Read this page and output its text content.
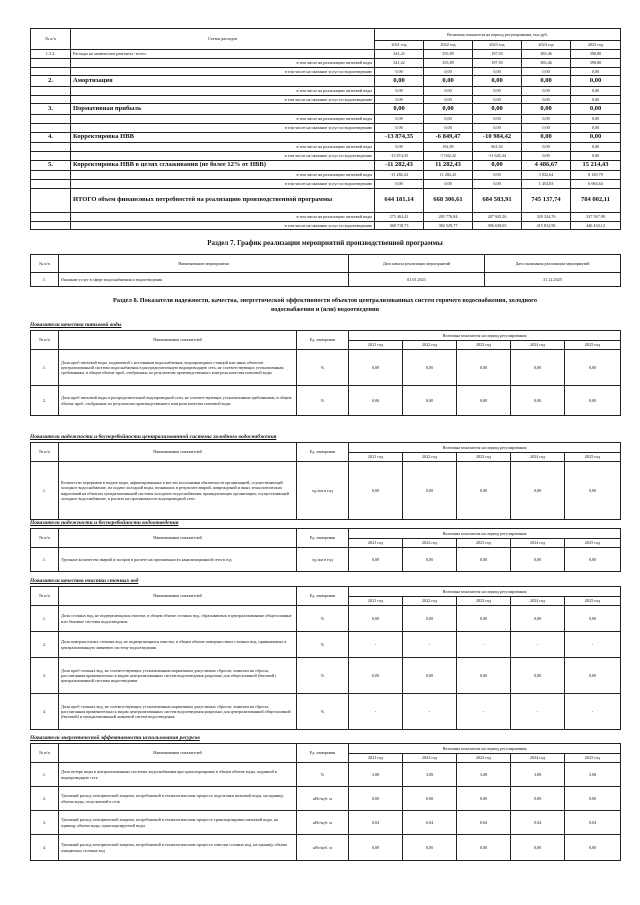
№ п/п	Статьи расходов	Величина показателя на период регулирования, тыс.руб.				
		2021 год	2022 год	2023 год	2024 год	2025 год
1.3.2.	Расходы на химические реагенты - всего:	341,22	355,89	197,93	383,46	398,80
	в том числе на реализацию питьевой воды	341,22	355,89	197,93	383,46	398,80
	в том числе на оказание услуг по водоотведению	0,00	0,00	0,00	0,00	0,00
2.	Амортизация	0,00	0,00	0,00	0,00	0,00
	в том числе на реализацию питьевой воды	0,00	0,00	0,00	0,00	0,00
	в том числе на оказание услуг по водоотведению	0,00	0,00	0,00	0,00	0,00
3.	Нормативная прибыль	0,00	0,00	0,00	0,00	0,00
	в том числе на реализацию питьевой воды	0,00	0,00	0,00	0,00	0,00
	в том числе на оказание услуг по водоотведению	0,00	0,00	0,00	0,00	0,00
4.	Корректировка НВВ	-13 874,35	-6 849,47	-10 984,42	0,00	0,00
	в том числе на реализацию питьевой воды	0,00	192,85	661,02	0,00	0,00
	в том числе на оказание услуг по водоотведению	-13 874,35	-7 042,32	-11 645,44	0,00	0,00
5.	Корректировка НВВ в целях сглаживания (не более 12% от НВВ)	-11 282,43	11 282,43	0,00	4 486,67	15 214,43
	в том числе на реализацию питьевой воды	-11 282,43	11 282,43	0,00	3 032,64	8 149,79
	в том числе на оказание услуг по водоотведению	0,00	0,00	0,00	1 454,03	6 064,64
	ИТОГО объем финансовых потребностей на реализацию производственной программы	644 181,14	668 306,61	684 583,91	745 137,74	784 002,11
	в том числе на реализацию питьевой воды	275 462,41	285 776,84	287 945,26	329 324,76	337 567,99
	в том числе на оказание услуг по водоотведению	368 718,73	382 529,77	396 638,65	415 812,98	446 434,12
Раздел 7. График реализации мероприятий производственной программы
№ п/п	Наименование мероприятия	Дата начала реализации мероприятий	Дата окончания реализации мероприятий
1.	Оказание услуг в сфере водоснабжения и водоотведения	01.01.2021	31.12.2025
Раздел 8. Показатели надежности, качества, энергетической эффективности объектов централизованных систем горячего водоснабжения, холодного
водоснабжения и (или) водоотведения
Показатели качества питьевой воды
№ п/п	Наименование показателей	Ед. измерения	Величина показателя на период регулирования				
			2021 год	2022 год	2023 год	2024 год	2025 год
1.	Доля проб питьевой воды, подаваемой с источников водоснабжения, водопроводных станций или иных объектов централизованной системы водоснабжения в распределительную водопроводную сеть, не соответствующих установленным требованиям, в общем объеме проб, отобранных по результатам производственного контроля качества питьевой воды	%	0,00	0,00	0,00	0,00	0,00
2.	Доля проб питьевой воды в распределительной водопроводной сети, не соответствующих установленным требованиям, в общем объеме проб, отобранных по результатам производственного контроля качества питьевой воды	%	0,00	0,00	0,00	0,00	0,00
Показатели надежности и бесперебойности централизованной системы холодного водоснабжения
№ п/п	Наименование показателей	Ед. измерения	Величина показателя на период регулирования				
			2021 год	2022 год	2023 год	2024 год	2025 год
1.	Количество перерывов в подаче воды, зафиксированных в местах исполнения обязательств организацией, осуществляющей холодное водоснабжение, по подаче холодной воды, возникших в результате аварий, повреждений и иных технологических нарушений на объектах централизованной системы холодного водоснабжения, принадлежащих организации, осуществляющей холодное водоснабжение, в расчете на протяженность водопроводной сети	ед./км в год	0,00	0,00	0,00	0,00	0,00
Показатели надежности и бесперебойности водоотведения
№ п/п	Наименование показателей	Ед. измерения	Величина показателя на период регулирования				
			2021 год	2022 год	2023 год	2024 год	2025 год
1.	Удельное количество аварий и засоров в расчете на протяженность канализационной сети в год	ед./км в год	0,00	0,00	0,00	0,00	0,00
Показатели качества очистки сточных вод
№ п/п	Наименование показателей	Ед. измерения	Величина показателя на период регулирования				
			2021 год	2022 год	2023 год	2024 год	2025 год
1.	Доля сточных вод, не подвергающихся очистке, в общем объеме сточных вод, сбрасываемых в централизованные общесплавные или бытовые системы водоотведения	%	0,00	0,00	0,00	0,00	0,00
2.	Доля поверхностных сточных вод, не подвергающихся очистке, в общем объеме поверхностных сточных вод, принимаемых в централизованную ливневую систему водоотведения	%	-	-	-	-	-
3.	Доля проб сточных вод, не соответствующих установленным нормативам допустимых сбросов, лимитам на сбросы, рассчитанная применительно к видам централизованных систем водоотведения раздельно для общесплавной (бытовой) централизованной системы водоотведения	%	0,00	0,00	0,00	0,00	0,00
4.	Доля проб сточных вод, не соответствующих установленным нормативам допустимых сбросов, лимитам на сбросы, рассчитанная применительно к видам централизованных систем водоотведения раздельно для централизованной общесплавной (бытовой) и централизованной ливневой систем водоотведения	%	-	-	-	-	-
Показатели энергетической эффективности использования ресурсов
№ п/п	Наименование показателей	Ед. измерения	Величина показателя на период регулирования				
			2021 год	2022 год	2023 год	2024 год	2025 год
1.	Доля потерь воды в централизованных системах водоснабжения при транспортировке в общем объеме воды, поданной в водопроводную сеть	%	3,08	3,08	3,08	3,08	3,08
2.	Удельный расход электрической энергии, потребляемой в технологическом процессе подготовки питьевой воды, на единицу объема воды, отпускаемой в сеть	кВт/куб. м	0,00	0,00	0,00	0,00	0,00
3.	Удельный расход электрической энергии, потребляемой в технологическом процессе транспортировки питьевой воды, на единицу объема воды, транспортируемой воды	кВт/куб. м	0,04	0,04	0,04	0,04	0,04
4.	Удельный расход электрической энергии, потребляемой в технологическом процессе очистки сточных вод, на единицу объема очищаемых сточных вод	кВт/куб. м	0,00	0,00	0,00	0,00	0,00
